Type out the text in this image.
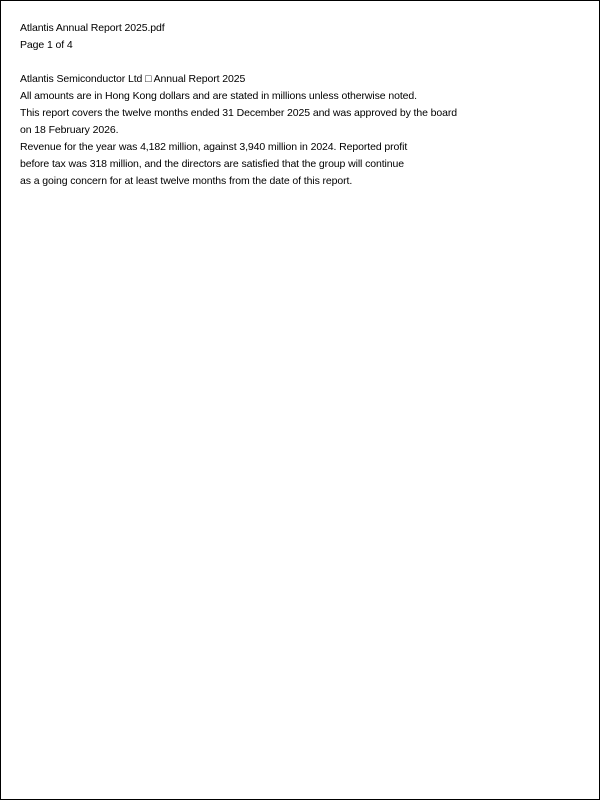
Atlantis Annual Report 2025.pdf
Page 1 of 4
Atlantis Semiconductor Ltd □ Annual Report 2025
All amounts are in Hong Kong dollars and are stated in millions unless otherwise noted.
This report covers the twelve months ended 31 December 2025 and was approved by the board
on 18 February 2026.
Revenue for the year was 4,182 million, against 3,940 million in 2024. Reported profit
before tax was 318 million, and the directors are satisfied that the group will continue
as a going concern for at least twelve months from the date of this report.
